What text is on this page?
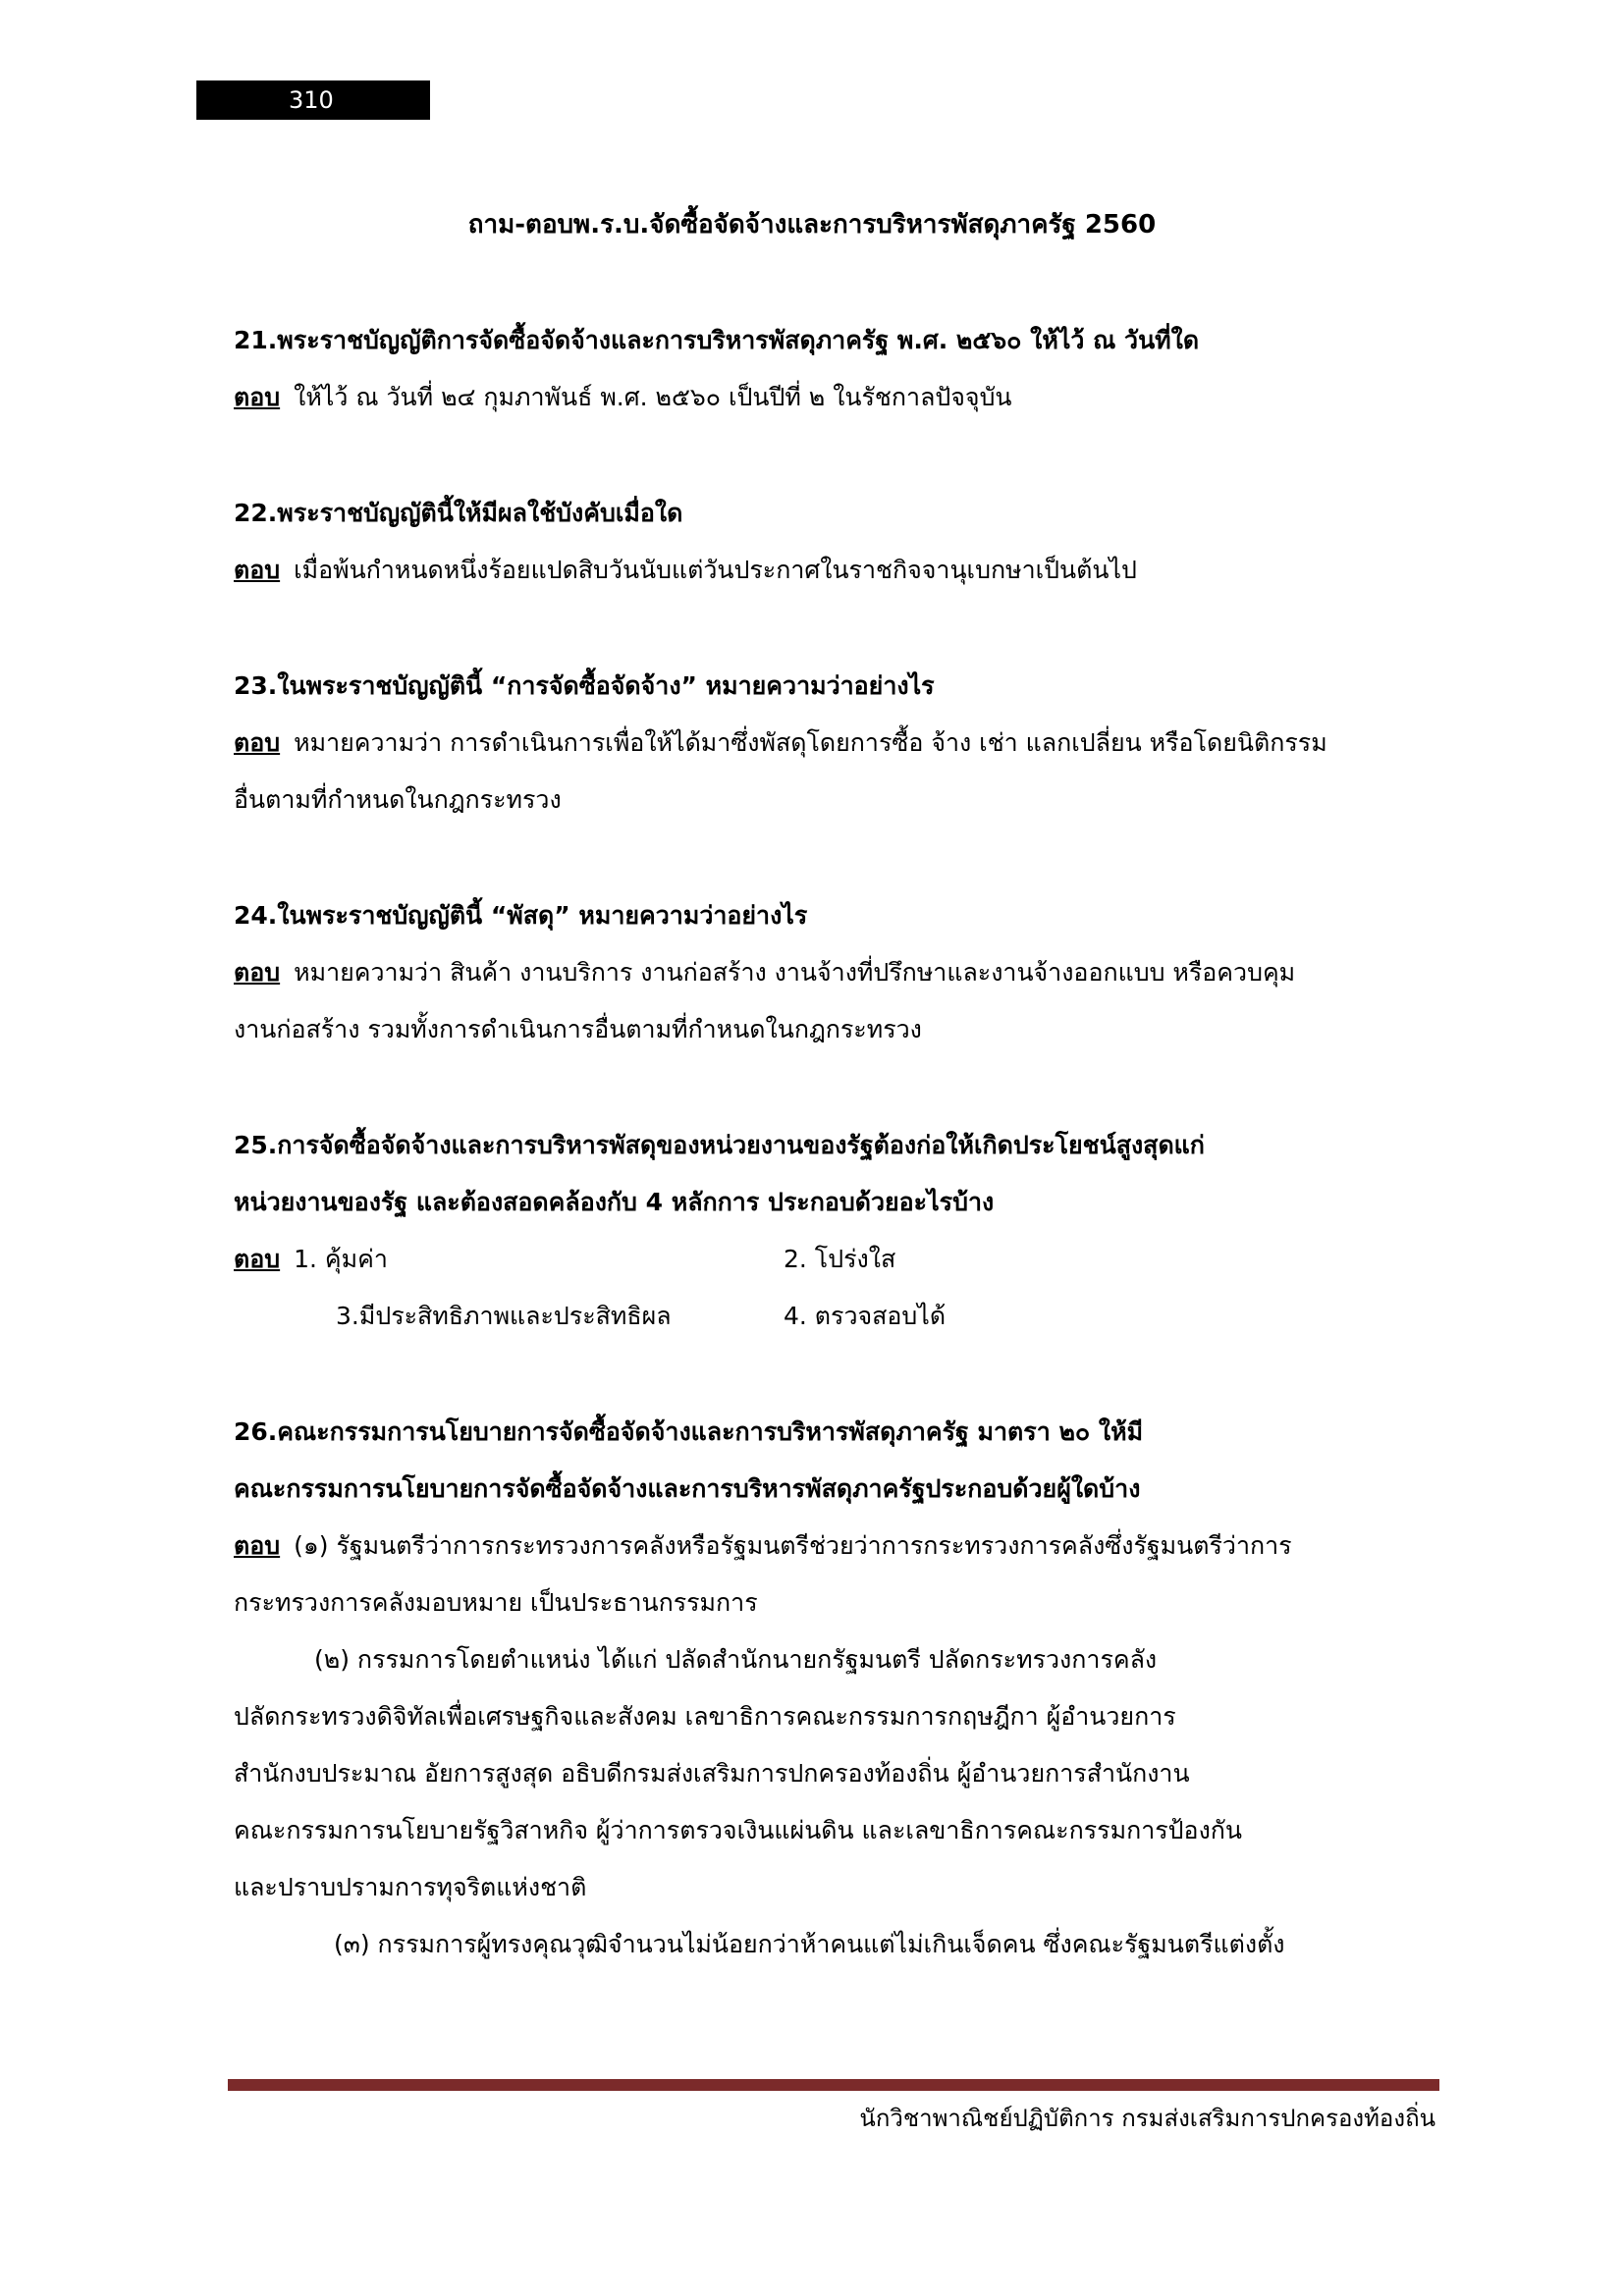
310
ถาม-ตอบพ.ร.บ.จัดซื้อจัดจ้างและการบริหารพัสดุภาครัฐ 2560

21.พระราชบัญญัติการจัดซื้อจัดจ้างและการบริหารพัสดุภาครัฐ พ.ศ. ๒๕๖๐ ให้ไว้ ณ วันที่ใด

ตอบ ให้ไว้ ณ วันที่ ๒๔ กุมภาพันธ์ พ.ศ. ๒๕๖๐ เป็นปีที่ ๒ ในรัชกาลปัจจุบัน

22.พระราชบัญญัตินี้ให้มีผลใช้บังคับเมื่อใด

ตอบ เมื่อพ้นกำหนดหนึ่งร้อยแปดสิบวันนับแต่วันประกาศในราชกิจจานุเบกษาเป็นต้นไป

23.ในพระราชบัญญัตินี้ “การจัดซื้อจัดจ้าง” หมายความว่าอย่างไร

ตอบ หมายความว่า การดำเนินการเพื่อให้ได้มาซึ่งพัสดุโดยการซื้อ จ้าง เช่า แลกเปลี่ยน หรือโดยนิติกรรม

อื่นตามที่กำหนดในกฎกระทรวง

24.ในพระราชบัญญัตินี้ “พัสดุ” หมายความว่าอย่างไร

ตอบ หมายความว่า สินค้า งานบริการ งานก่อสร้าง งานจ้างที่ปรึกษาและงานจ้างออกแบบ หรือควบคุม

งานก่อสร้าง รวมทั้งการดำเนินการอื่นตามที่กำหนดในกฎกระทรวง

25.การจัดซื้อจัดจ้างและการบริหารพัสดุของหน่วยงานของรัฐต้องก่อให้เกิดประโยชน์สูงสุดแก่

หน่วยงานของรัฐ และต้องสอดคล้องกับ 4 หลักการ ประกอบด้วยอะไรบ้าง

ตอบ 1. คุ้มค่า	2. โปร่งใส
3.มีประสิทธิภาพและประสิทธิผล	4. ตรวจสอบได้

26.คณะกรรมการนโยบายการจัดซื้อจัดจ้างและการบริหารพัสดุภาครัฐ มาตรา ๒๐ ให้มี

คณะกรรมการนโยบายการจัดซื้อจัดจ้างและการบริหารพัสดุภาครัฐประกอบด้วยผู้ใดบ้าง

ตอบ (๑) รัฐมนตรีว่าการกระทรวงการคลังหรือรัฐมนตรีช่วยว่าการกระทรวงการคลังซึ่งรัฐมนตรีว่าการ

กระทรวงการคลังมอบหมาย เป็นประธานกรรมการ

(๒) กรรมการโดยตำแหน่ง ได้แก่ ปลัดสำนักนายกรัฐมนตรี ปลัดกระทรวงการคลัง

ปลัดกระทรวงดิจิทัลเพื่อเศรษฐกิจและสังคม เลขาธิการคณะกรรมการกฤษฎีกา ผู้อำนวยการ

สำนักงบประมาณ อัยการสูงสุด อธิบดีกรมส่งเสริมการปกครองท้องถิ่น ผู้อำนวยการสำนักงาน

คณะกรรมการนโยบายรัฐวิสาหกิจ ผู้ว่าการตรวจเงินแผ่นดิน และเลขาธิการคณะกรรมการป้องกัน

และปราบปรามการทุจริตแห่งชาติ

(๓) กรรมการผู้ทรงคุณวุฒิจำนวนไม่น้อยกว่าห้าคนแต่ไม่เกินเจ็ดคน ซึ่งคณะรัฐมนตรีแต่งตั้ง

นักวิชาพาณิชย์ปฏิบัติการ กรมส่งเสริมการปกครองท้องถิ่น
